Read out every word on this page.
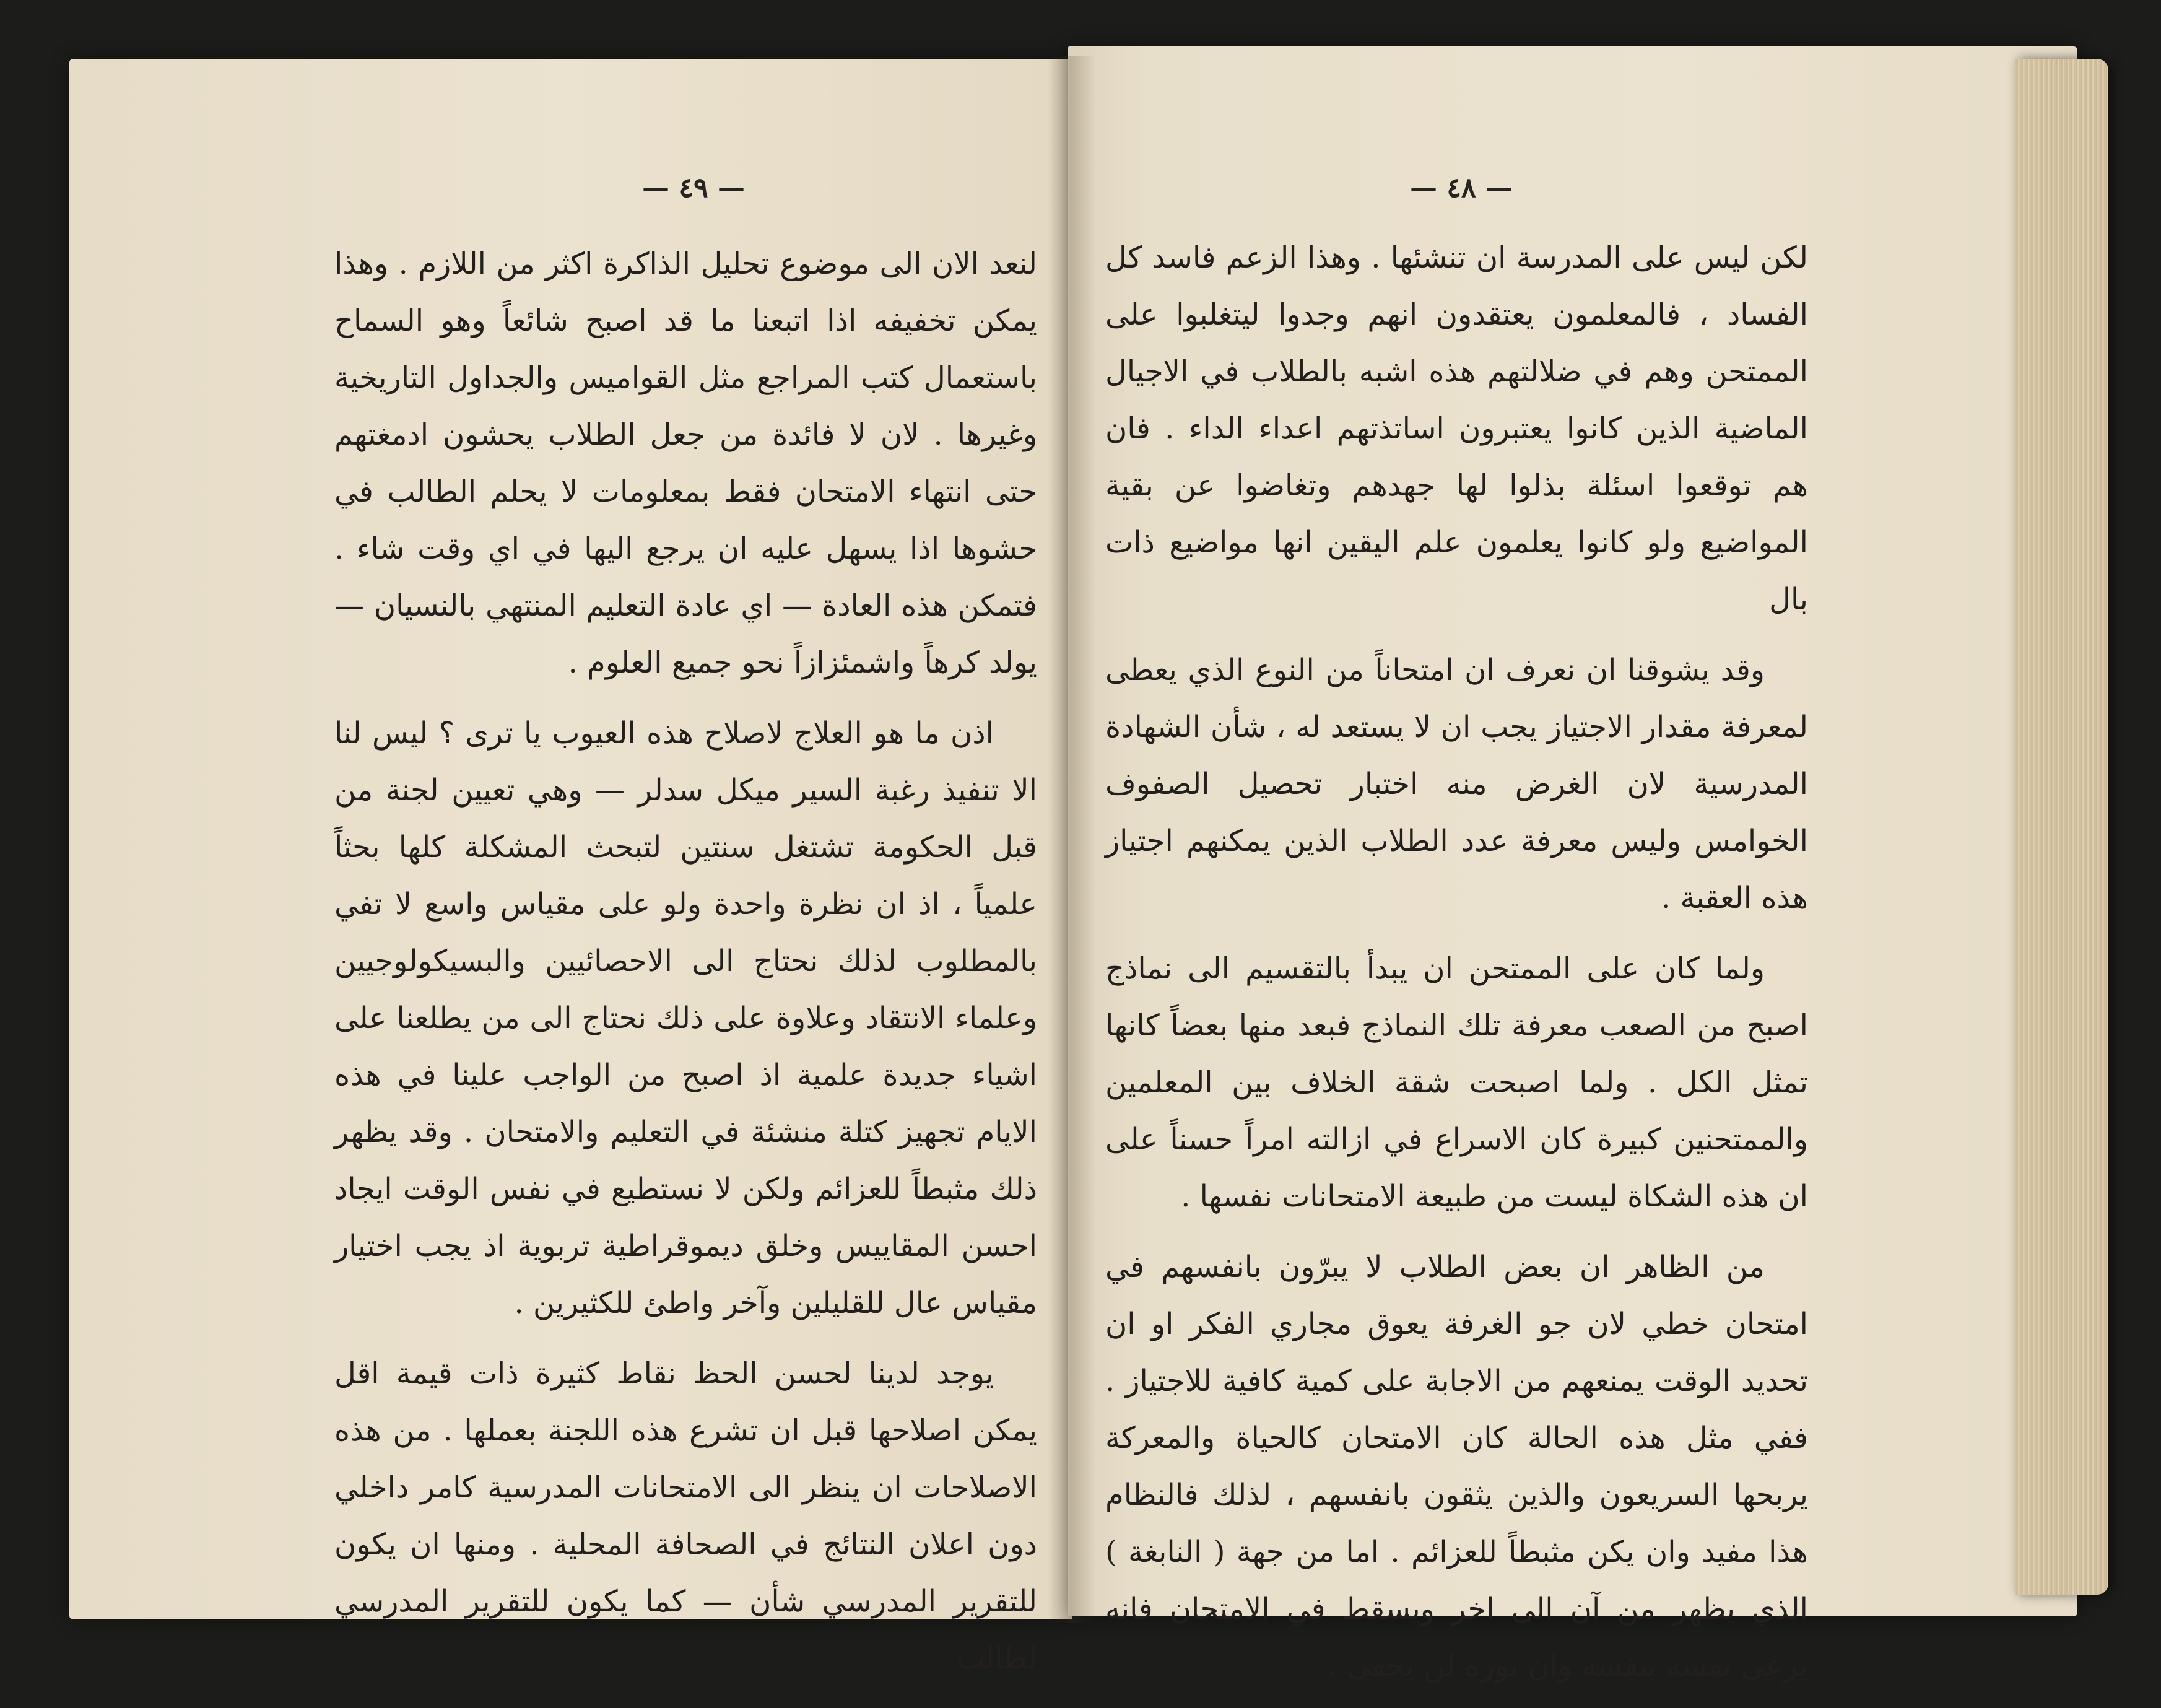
— ٤٩ —	— ٤٨ —

لنعد الان الى موضوع تحليل الذاكرة اكثر من اللازم . وهذا يمكن تخفيفه اذا اتبعنا ما قد اصبح شائعاً وهو السماح باستعمال كتب المراجع مثل القواميس والجداول التاريخية وغيرها . لان لا فائدة من جعل الطلاب يحشون ادمغتهم حتى انتهاء الامتحان فقط بمعلومات لا يحلم الطالب في حشوها اذا يسهل عليه ان يرجع اليها في اي وقت شاء . فتمكن هذه العادة — اي عادة التعليم المنتهي بالنسيان — يولد كرهاً واشمئزازاً نحو جميع العلوم .

اذن ما هو العلاج لاصلاح هذه العيوب يا ترى ؟ ليس لنا الا تنفيذ رغبة السير ميكل سدلر — وهي تعيين لجنة من قبل الحكومة تشتغل سنتين لتبحث المشكلة كلها بحثاً علمياً ، اذ ان نظرة واحدة ولو على مقياس واسع لا تفي بالمطلوب لذلك نحتاج الى الاحصائيين والبسيكولوجيين وعلماء الانتقاد وعلاوة على ذلك نحتاج الى من يطلعنا على اشياء جديدة علمية اذ اصبح من الواجب علينا في هذه الايام تجهيز كتلة منشئة في التعليم والامتحان . وقد يظهر ذلك مثبطاً للعزائم ولكن لا نستطيع في نفس الوقت ايجاد احسن المقاييس وخلق ديموقراطية تربوية اذ يجب اختيار مقياس عال للقليلين وآخر واطئ للكثيرين .

يوجد لدينا لحسن الحظ نقاط كثيرة ذات قيمة اقل يمكن اصلاحها قبل ان تشرع هذه اللجنة بعملها . من هذه الاصلاحات ان ينظر الى الامتحانات المدرسية كامر داخلي دون اعلان النتائج في الصحافة المحلية . ومنها ان يكون للتقرير المدرسي شأن — كما يكون للتقرير المدرسي لطالب

لكن ليس على المدرسة ان تنشئها . وهذا الزعم فاسد كل الفساد ، فالمعلمون يعتقدون انهم وجدوا ليتغلبوا على الممتحن وهم في ضلالتهم هذه اشبه بالطلاب في الاجيال الماضية الذين كانوا يعتبرون اساتذتهم اعداء الداء . فان هم توقعوا اسئلة بذلوا لها جهدهم وتغاضوا عن بقية المواضيع ولو كانوا يعلمون علم اليقين انها مواضيع ذات بال

وقد يشوقنا ان نعرف ان امتحاناً من النوع الذي يعطى لمعرفة مقدار الاجتياز يجب ان لا يستعد له ، شأن الشهادة المدرسية لان الغرض منه اختبار تحصيل الصفوف الخوامس وليس معرفة عدد الطلاب الذين يمكنهم اجتياز هذه العقبة .

ولما كان على الممتحن ان يبدأ بالتقسيم الى نماذج اصبح من الصعب معرفة تلك النماذج فبعد منها بعضاً كانها تمثل الكل . ولما اصبحت شقة الخلاف بين المعلمين والممتحنين كبيرة كان الاسراع في ازالته امراً حسناً على ان هذه الشكاة ليست من طبيعة الامتحانات نفسها .

من الظاهر ان بعض الطلاب لا يبرّون بانفسهم في امتحان خطي لان جو الغرفة يعوق مجاري الفكر او ان تحديد الوقت يمنعهم من الاجابة على كمية كافية للاجتياز . ففي مثل هذه الحالة كان الامتحان كالحياة والمعركة يربحها السريعون والذين يثقون بانفسهم ، لذلك فالنظام هذا مفيد وان يكن مثبطاً للعزائم . اما من جهة ( النابغة ) الذي يظهر من آن الى اخر ويسقط في الامتحان فانه يرعى نفسه بنفسه وان نوره لن يخفى .
